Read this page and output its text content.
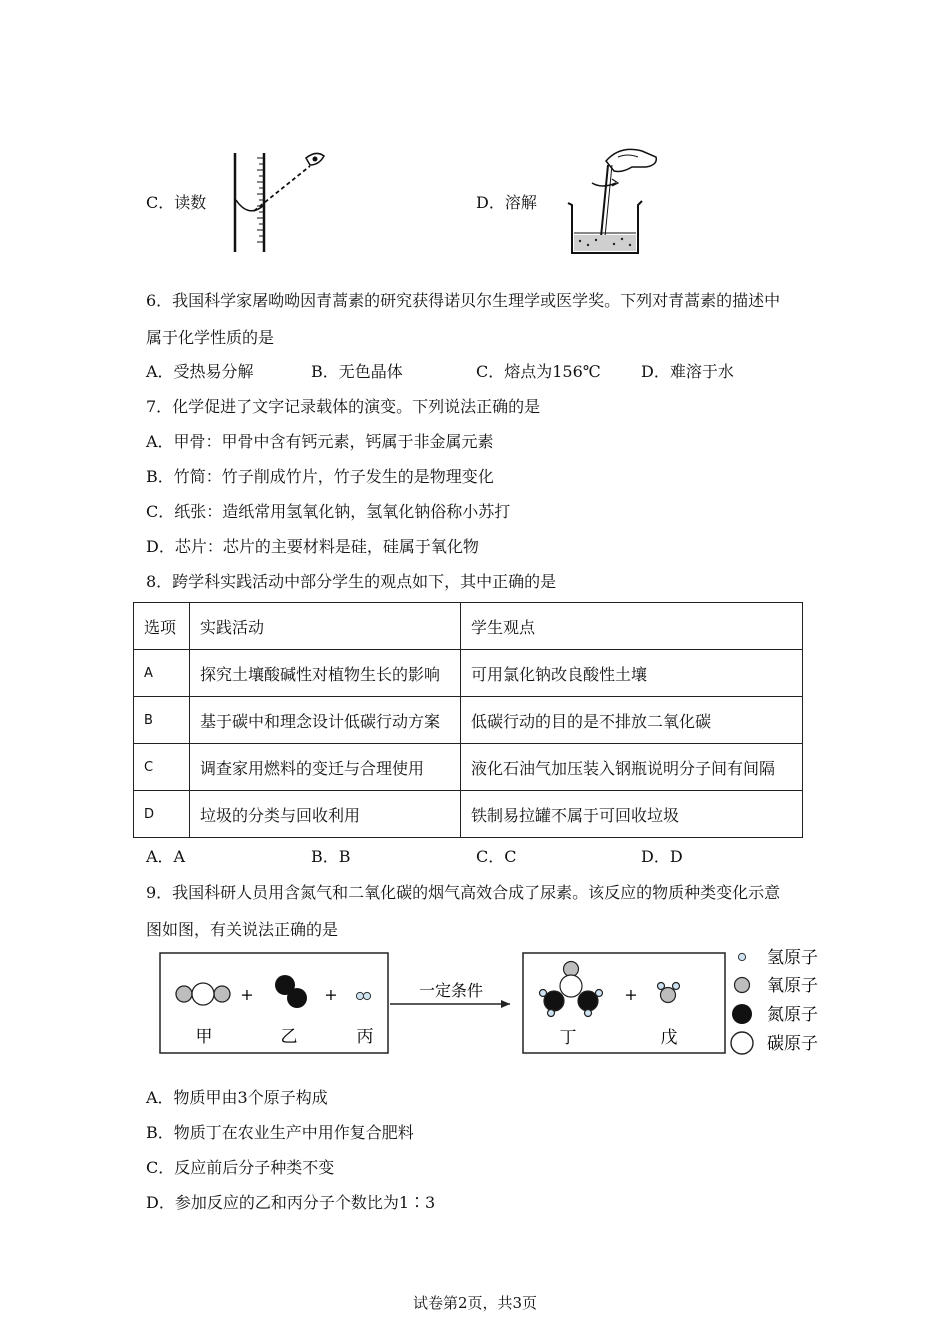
C．读数	D．溶解
6．我国科学家屠呦呦因青蒿素的研究获得诺贝尔生理学或医学奖。下列对青蒿素的描述中
属于化学性质的是
A．受热易分解	B．无色晶体	C．熔点为156℃	D．难溶于水
7．化学促进了文字记录载体的演变。下列说法正确的是
A．甲骨：甲骨中含有钙元素，钙属于非金属元素
B．竹简：竹子削成竹片，竹子发生的是物理变化
C．纸张：造纸常用氢氧化钠，氢氧化钠俗称小苏打
D．芯片：芯片的主要材料是硅，硅属于氧化物
8．跨学科实践活动中部分学生的观点如下，其中正确的是
选项	实践活动	学生观点
A	探究土壤酸碱性对植物生长的影响	可用氯化钠改良酸性土壤
B	基于碳中和理念设计低碳行动方案	低碳行动的目的是不排放二氧化碳
C	调查家用燃料的变迁与合理使用	液化石油气加压装入钢瓶说明分子间有间隔
D	垃圾的分类与回收利用	铁制易拉罐不属于可回收垃圾
A．A	B．B	C．C	D．D
9．我国科研人员用含氮气和二氧化碳的烟气高效合成了尿素。该反应的物质种类变化示意
图如图，有关说法正确的是
+	+
甲	乙	丙
一定条件	+
丁	戊
氢原子
氧原子
氮原子
碳原子
A．物质甲由3个原子构成
B．物质丁在农业生产中用作复合肥料
C．反应前后分子种类不变
D．参加反应的乙和丙分子个数比为1∶3
试卷第2页，共3页
